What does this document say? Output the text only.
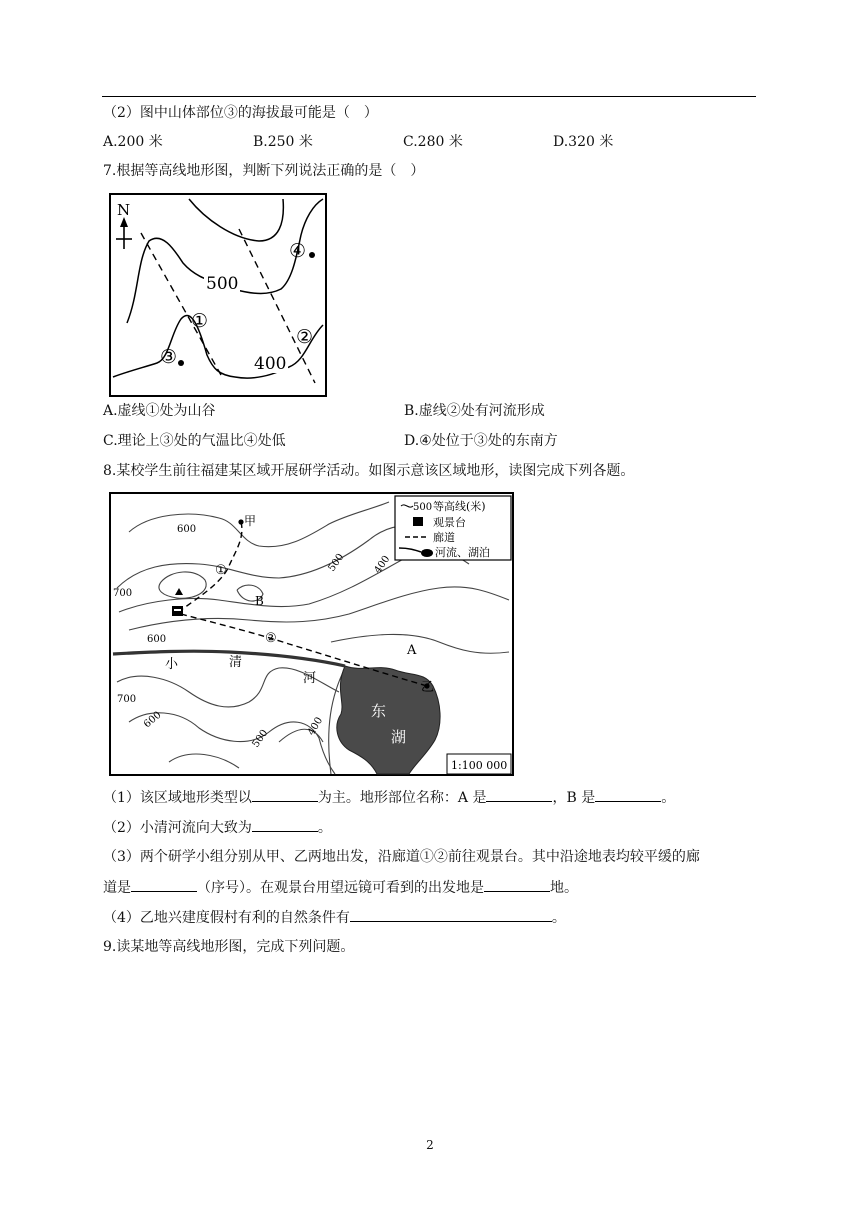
（2）图中山体部位③的海拔最可能是（　）
A.200 米	B.250 米	C.280 米	D.320 米
7.根据等高线地形图，判断下列说法正确的是（　）
N
500
400
①
②
③
④
A.虚线①处为山谷	B.虚线②处有河流形成
C.理论上③处的气温比④处低	D.④处位于③处的东南方
8.某校学生前往福建某区域开展研学活动。如图示意该区域地形，读图完成下列各题。
500 等高线(米)
观景台
廊道
河流、湖泊
1:100 000
甲
乙
A
B
①
②
小	清
河
东
湖
600
700
500	400
600
700
600
500
400
（1）该区域地形类型以	为主。地形部位名称：A 是	，B 是	。
（2）小清河流向大致为	。
（3）两个研学小组分别从甲、乙两地出发，沿廊道①②前往观景台。其中沿途地表均较平缓的廊
道是	（序号）。在观景台用望远镜可看到的出发地是	地。
（4）乙地兴建度假村有利的自然条件有	。
9.读某地等高线地形图，完成下列问题。
2
